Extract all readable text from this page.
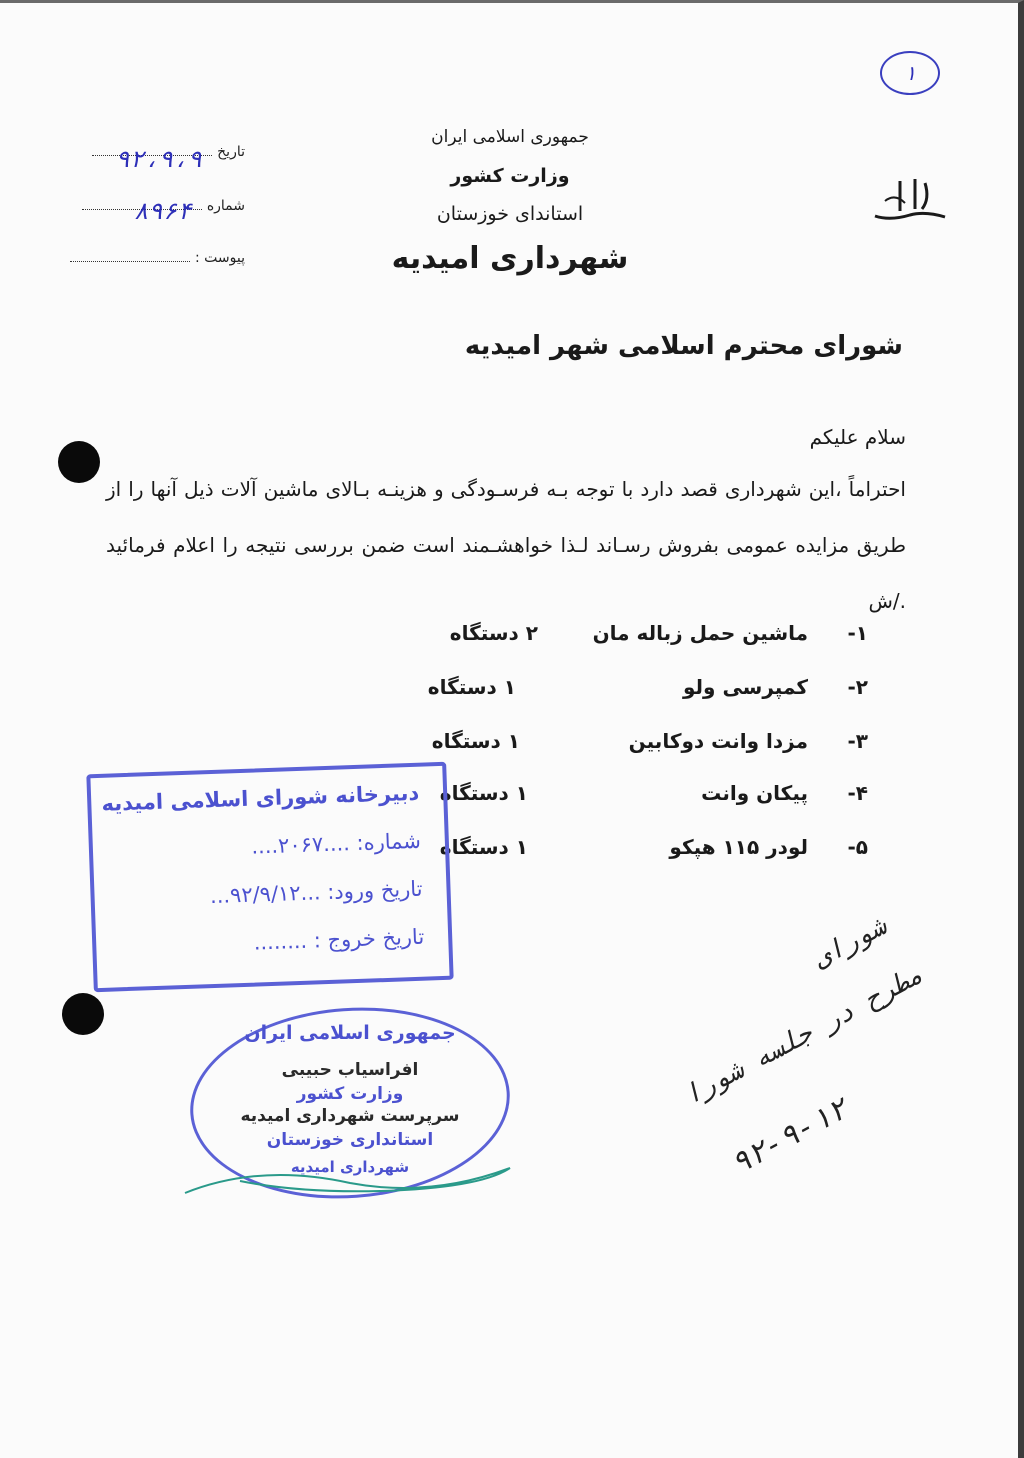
١
جمهوری اسلامی ایران
وزارت کشور
استاندای خوزستان
شهرداری امیدیه
تاریخ
۹۲،۹،۹
شماره
۸۹۶۴
پیوست :
شورای محترم اسلامی شهر امیدیه
سلام علیکم
احتراماً ،این شهرداری قصد دارد با توجه بـه فرسـودگی و هزینـه بـالای ماشین آلات ذیل آنها را از طریق مزایده عمومی بفروش رسـاند لـذا خواهشـمند است ضمن بررسی نتیجه را اعلام فرمائید ./ش
۱-
ماشین حمل زباله مان
۲ دستگاه
۲-
کمپرسی ولو
۱ دستگاه
۳-
مزدا وانت دوکابین
۱ دستگاه
۴-
پیکان وانت
۱ دستگاه
۵-
لودر ۱۱۵ هپکو
۱ دستگاه
دبیرخانه شورای اسلامی امیدیه
شماره: ....۲۰۶۷....
تاریخ ورود: ...۹۲/۹/۱۲...
تاریخ خروج : ........
جمهوری اسلامی ایران
افراسیاب حبیبی
وزارت کشور
سرپرست شهرداری امیدیه
استانداری خوزستان
شهرداری امیدیه
شورای
مطرح در جلسه شورا
۹۲-۹-۱۲
